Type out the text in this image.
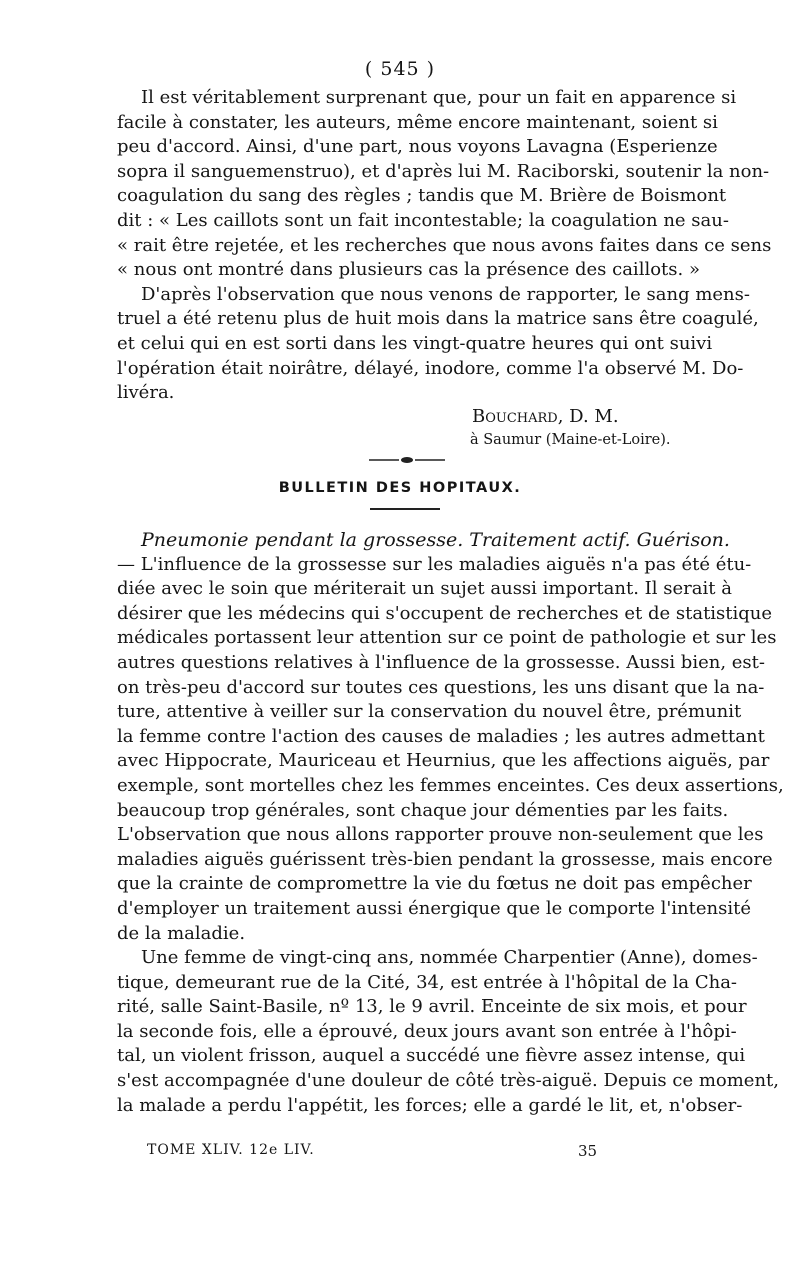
( 545 )
Il est véritablement surprenant que, pour un fait en apparence si
facile à constater, les auteurs, même encore maintenant, soient si
peu d'accord. Ainsi, d'une part, nous voyons Lavagna (Esperienze
sopra il sanguemenstruo), et d'après lui M. Raciborski, soutenir la non-
coagulation du sang des règles ; tandis que M. Brière de Boismont
dit : « Les caillots sont un fait incontestable; la coagulation ne sau-
« rait être rejetée, et les recherches que nous avons faites dans ce sens
« nous ont montré dans plusieurs cas la présence des caillots. »
D'après l'observation que nous venons de rapporter, le sang mens-
truel a été retenu plus de huit mois dans la matrice sans être coagulé,
et celui qui en est sorti dans les vingt-quatre heures qui ont suivi
l'opération était noirâtre, délayé, inodore, comme l'a observé M. Do-
livéra.
Bouchard, D. M.
à Saumur (Maine-et-Loire).
BULLETIN DES HOPITAUX.
Pneumonie pendant la grossesse. Traitement actif. Guérison.
— L'influence de la grossesse sur les maladies aiguës n'a pas été étu-
diée avec le soin que mériterait un sujet aussi important. Il serait à
désirer que les médecins qui s'occupent de recherches et de statistique
médicales portassent leur attention sur ce point de pathologie et sur les
autres questions relatives à l'influence de la grossesse. Aussi bien, est-
on très-peu d'accord sur toutes ces questions, les uns disant que la na-
ture, attentive à veiller sur la conservation du nouvel être, prémunit
la femme contre l'action des causes de maladies ; les autres admettant
avec Hippocrate, Mauriceau et Heurnius, que les affections aiguës, par
exemple, sont mortelles chez les femmes enceintes. Ces deux assertions,
beaucoup trop générales, sont chaque jour démenties par les faits.
L'observation que nous allons rapporter prouve non-seulement que les
maladies aiguës guérissent très-bien pendant la grossesse, mais encore
que la crainte de compromettre la vie du fœtus ne doit pas empêcher
d'employer un traitement aussi énergique que le comporte l'intensité
de la maladie.
Une femme de vingt-cinq ans, nommée Charpentier (Anne), domes-
tique, demeurant rue de la Cité, 34, est entrée à l'hôpital de la Cha-
rité, salle Saint-Basile, nº 13, le 9 avril. Enceinte de six mois, et pour
la seconde fois, elle a éprouvé, deux jours avant son entrée à l'hôpi-
tal, un violent frisson, auquel a succédé une fièvre assez intense, qui
s'est accompagnée d'une douleur de côté très-aiguë. Depuis ce moment,
la malade a perdu l'appétit, les forces; elle a gardé le lit, et, n'obser-
TOME XLIV. 12e LIV.	35
